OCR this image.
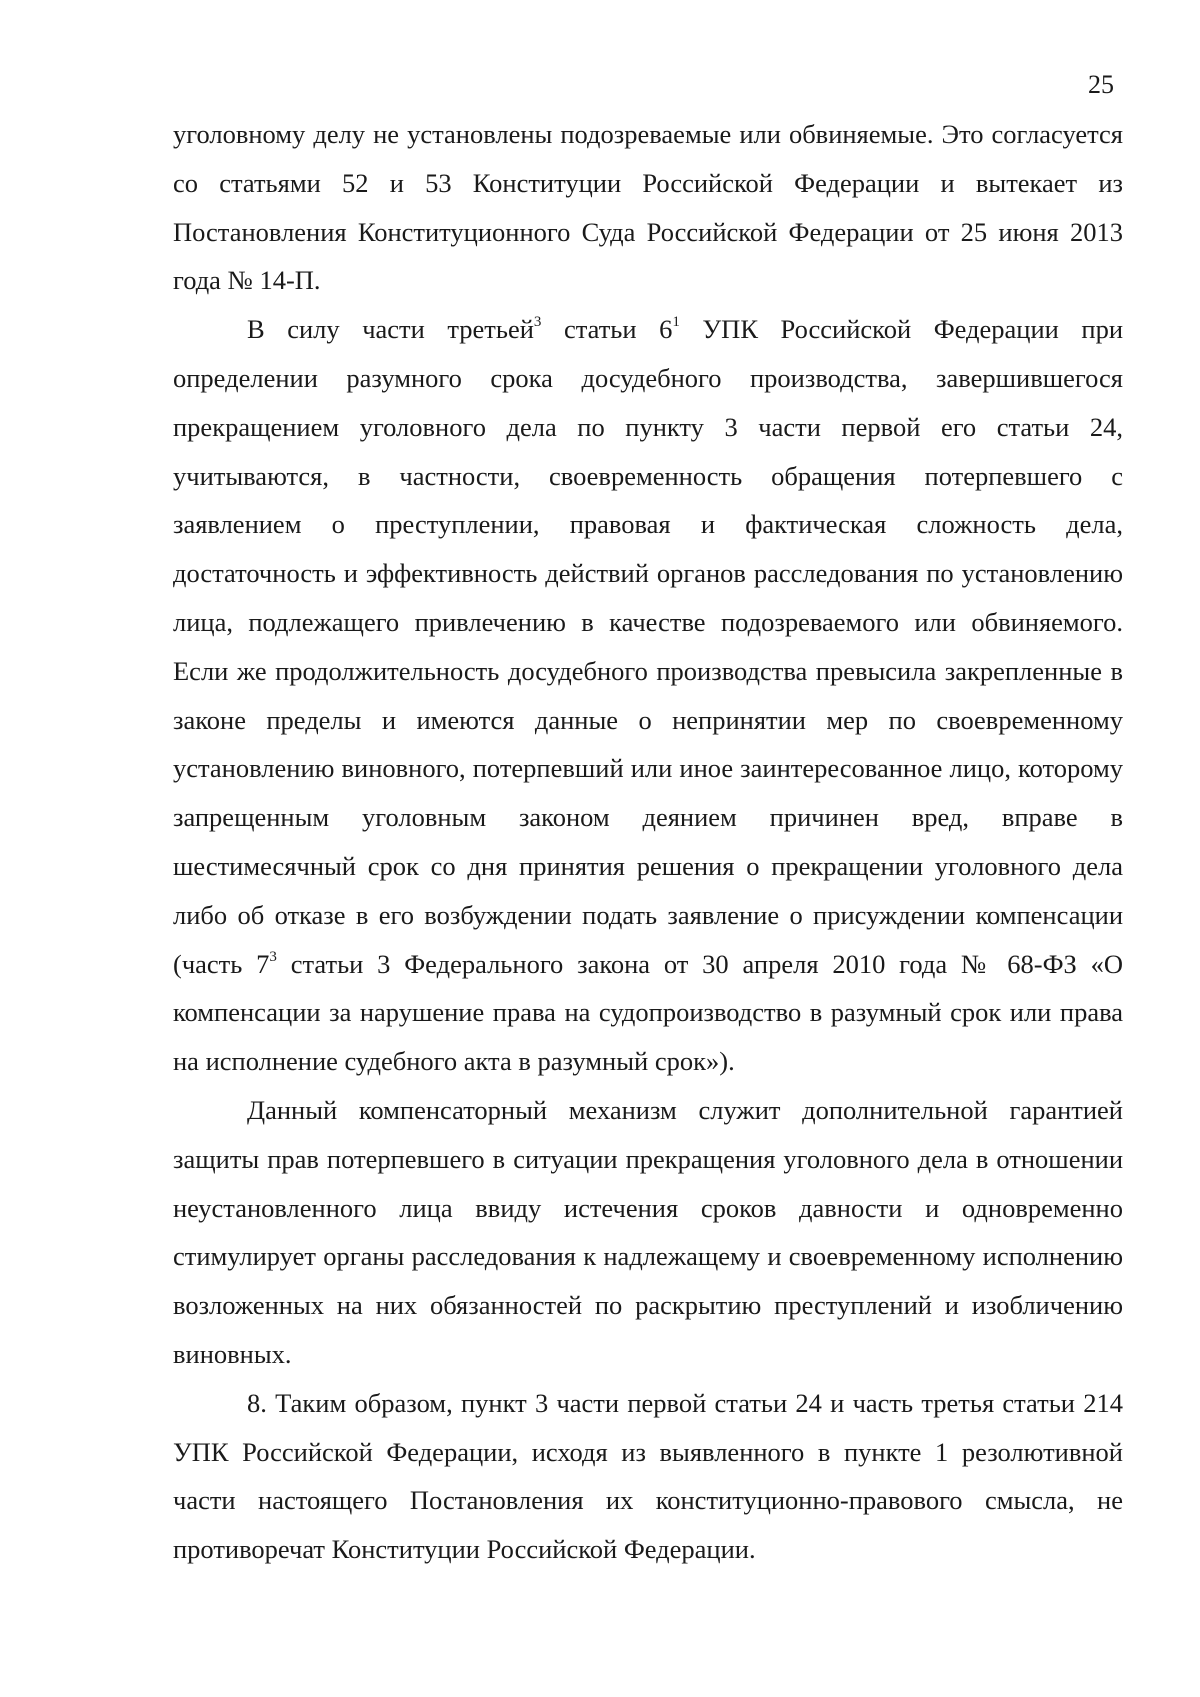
25

уголовному делу не установлены подозреваемые или обвиняемые. Это согласуется со статьями 52 и 53 Конституции Российской Федерации и вытекает из Постановления Конституционного Суда Российской Федерации от 25 июня 2013 года № 14-П.

В силу части третьей$^3$ статьи $6^1$ УПК Российской Федерации при определении разумного срока досудебного производства, завершившегося прекращением уголовного дела по пункту 3 части первой его статьи 24, учитываются, в частности, своевременность обращения потерпевшего с заявлением о преступлении, правовая и фактическая сложность дела, достаточность и эффективность действий органов расследования по установлению лица, подлежащего привлечению в качестве подозреваемого или обвиняемого. Если же продолжительность досудебного производства превысила закрепленные в законе пределы и имеются данные о непринятии мер по своевременному установлению виновного, потерпевший или иное заинтересованное лицо, которому запрещенным уголовным законом деянием причинен вред, вправе в шестимесячный срок со дня принятия решения о прекращении уголовного дела либо об отказе в его возбуждении подать заявление о присуждении компенсации (часть $7^3$ статьи 3 Федерального закона от 30 апреля 2010 года № 68-ФЗ «О компенсации за нарушение права на судопроизводство в разумный срок или права на исполнение судебного акта в разумный срок»).

Данный компенсаторный механизм служит дополнительной гарантией защиты прав потерпевшего в ситуации прекращения уголовного дела в отношении неустановленного лица ввиду истечения сроков давности и одновременно стимулирует органы расследования к надлежащему и своевременному исполнению возложенных на них обязанностей по раскрытию преступлений и изобличению виновных.

8. Таким образом, пункт 3 части первой статьи 24 и часть третья статьи 214 УПК Российской Федерации, исходя из выявленного в пункте 1 резолютивной части настоящего Постановления их конституционно-правового смысла, не противоречат Конституции Российской Федерации.
